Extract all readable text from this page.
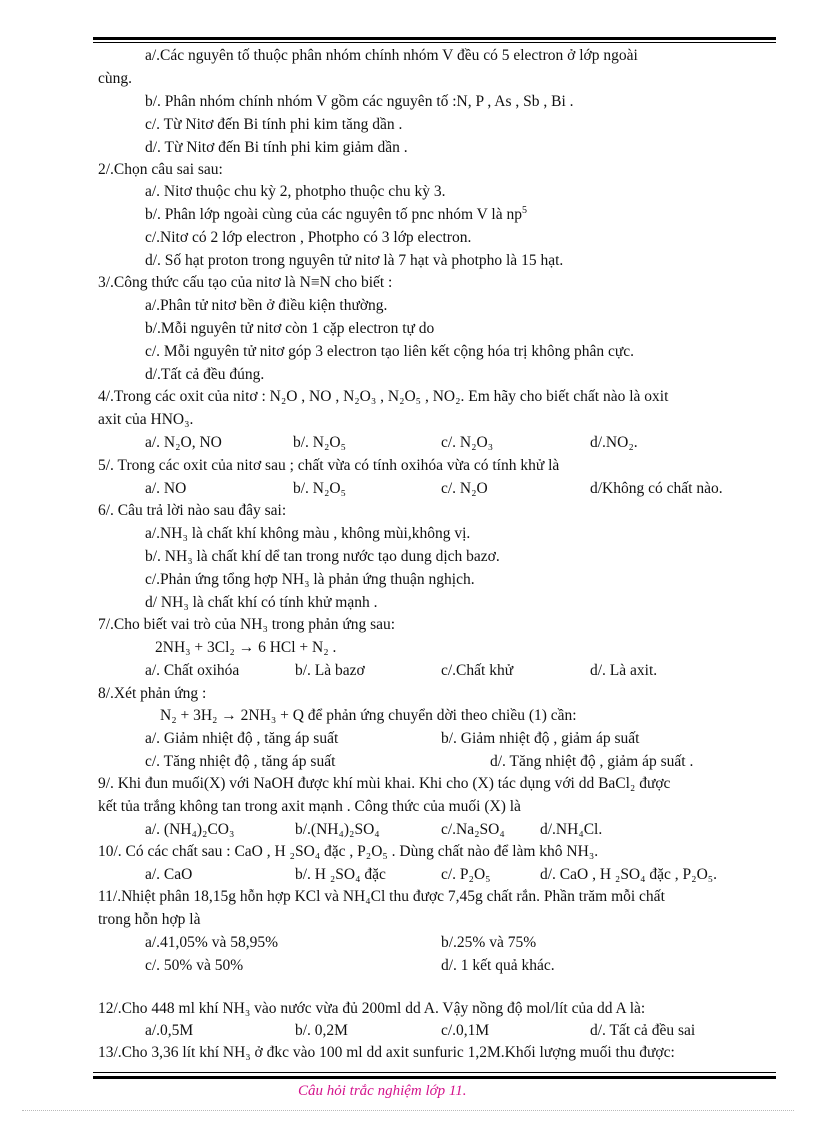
a/.Các nguyên tố thuộc phân nhóm chính nhóm V đều có 5 electron ở lớp ngoài
cùng.
b/. Phân nhóm chính nhóm V gồm các nguyên tố :N, P , As , Sb , Bi .
c/. Từ Nitơ đến Bi tính phi kim tăng dần .
d/. Từ Nitơ đến Bi tính phi kim giảm dần .
2/.Chọn câu sai sau:
a/. Nitơ thuộc chu kỳ 2, photpho thuộc chu kỳ 3.
b/. Phân lớp ngoài cùng của các nguyên tố pnc nhóm V là $np^5$
c/.Nitơ có 2 lớp electron , Photpho có 3 lớp electron.
d/. Số hạt proton trong nguyên tử nitơ là 7 hạt và photpho là 15 hạt.
3/.Công thức cấu tạo của nitơ là N≡N cho biết :
a/.Phân tử nitơ bền ở điều kiện thường.
b/.Mỗi nguyên tử nitơ còn 1 cặp electron tự do
c/. Mỗi nguyên tử nitơ góp 3 electron tạo liên kết cộng hóa trị không phân cực.
d/.Tất cả đều đúng.
4/.Trong các oxit của nitơ : N₂O , NO , N₂O₃ , N₂O₅ , NO₂. Em hãy cho biết chất nào là oxit
axit của HNO₃.
a/. N₂O, NO	b/. N₂O₅	c/. N₂O₃	d/.NO₂.
5/. Trong các oxit của nitơ sau ; chất vừa có tính oxihóa vừa có tính khử là
a/. NO	b/. N₂O₅	c/. N₂O	d/Không có chất nào.
6/. Câu trả lời nào sau đây sai:
a/.NH₃ là chất khí không màu , không mùi,không vị.
b/. NH₃ là chất khí dể tan trong nước tạo dung dịch bazơ.
c/.Phản ứng tổng hợp NH₃ là phản ứng thuận nghịch.
d/ NH₃ là chất khí có tính khử mạnh .
7/.Cho biết vai trò của NH₃ trong phản ứng sau:
2NH₃ + 3Cl₂ → 6 HCl + N₂ .
a/. Chất oxihóa	b/. Là bazơ	c/.Chất khử	d/. Là axit.
8/.Xét phản ứng :
N₂ + 3H₂ → 2NH₃ + Q để phản ứng chuyển dời theo chiều (1) cần:
a/. Giảm nhiệt độ , tăng áp suất	b/. Giảm nhiệt độ , giảm áp suất
c/. Tăng nhiệt độ , tăng áp suất	d/. Tăng nhiệt độ , giảm áp suất .
9/. Khi đun muối(X) với NaOH được khí mùi khai. Khi cho (X) tác dụng với dd BaCl₂ được
kết tủa trắng không tan trong axit mạnh . Công thức của muối (X) là
a/. (NH₄)₂CO₃	b/.(NH₄)₂SO₄	c/.Na₂SO₄ d/.NH₄Cl.
10/. Có các chất sau : CaO , H ₂SO₄ đặc , P₂O₅ . Dùng chất nào để làm khô NH₃.
a/. CaO	b/. H ₂SO₄ đặc	c/. P₂O₅	d/. CaO , H ₂SO₄ đặc , P₂O₅.
11/.Nhiệt phân 18,15g hỗn hợp KCl và NH₄Cl thu được 7,45g chất rắn. Phần trăm mỗi chất
trong hỗn hợp là
a/.41,05% và 58,95%	b/.25% và 75%
c/. 50% và 50%	d/. 1 kết quả khác.
12/.Cho 448 ml khí NH₃ vào nước vừa đủ 200ml dd A. Vậy nồng độ mol/lít của dd A là:
a/.0,5M	b/. 0,2M	c/.0,1M	d/. Tất cả đều sai
13/.Cho 3,36 lít khí NH₃ ở đkc vào 100 ml dd axit sunfuric 1,2M.Khối lượng muối thu được:
Câu hỏi trắc nghiệm lớp 11.
